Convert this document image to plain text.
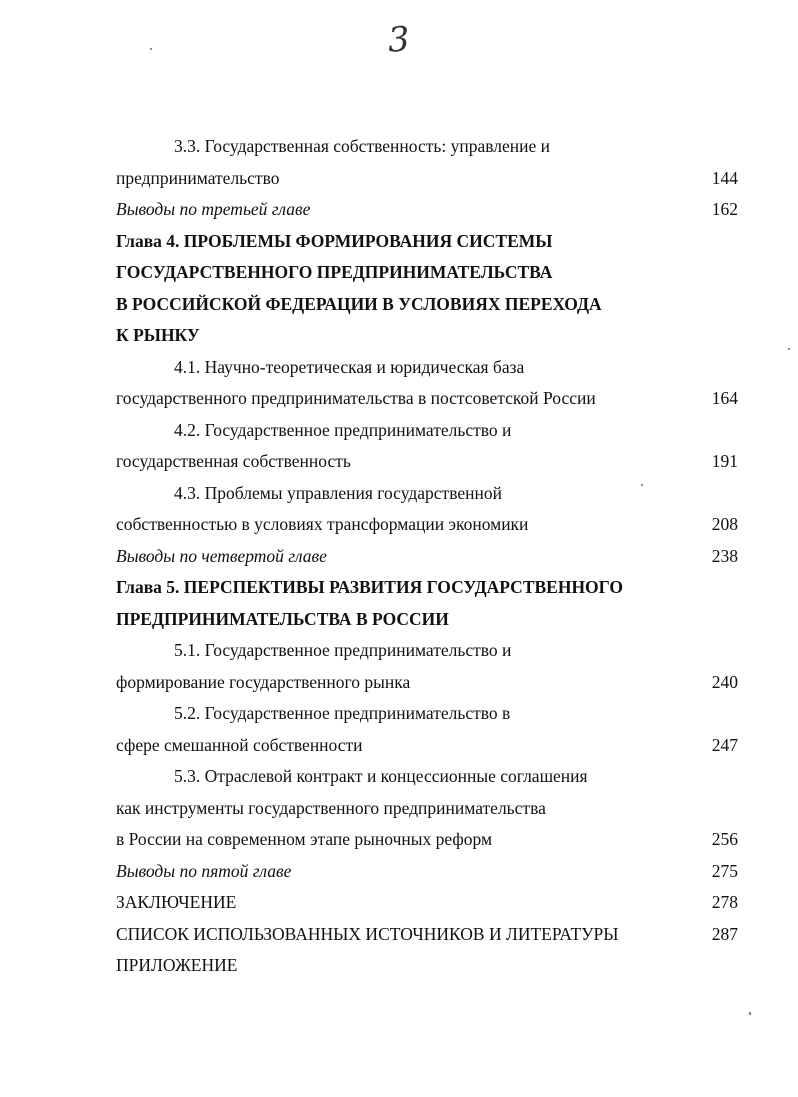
3
3.3. Государственная собственность: управление и
предпринимательство	144
Выводы по третьей главе	162
Глава 4. ПРОБЛЕМЫ ФОРМИРОВАНИЯ СИСТЕМЫ
ГОСУДАРСТВЕННОГО ПРЕДПРИНИМАТЕЛЬСТВА
В РОССИЙСКОЙ ФЕДЕРАЦИИ В УСЛОВИЯХ ПЕРЕХОДА
К РЫНКУ
4.1. Научно-теоретическая и юридическая база
государственного предпринимательства в постсоветской России	164
4.2. Государственное предпринимательство и
государственная собственность	191
4.3. Проблемы управления государственной
собственностью в условиях трансформации экономики	208
Выводы по четвертой главе	238
Глава 5. ПЕРСПЕКТИВЫ РАЗВИТИЯ ГОСУДАРСТВЕННОГО
ПРЕДПРИНИМАТЕЛЬСТВА В РОССИИ
5.1. Государственное предпринимательство и
формирование государственного рынка	240
5.2. Государственное предпринимательство в
сфере смешанной собственности	247
5.3. Отраслевой контракт и концессионные соглашения
как инструменты государственного предпринимательства
в России на современном этапе рыночных реформ	256
Выводы по пятой главе	275
ЗАКЛЮЧЕНИЕ	278
СПИСОК ИСПОЛЬЗОВАННЫХ ИСТОЧНИКОВ И ЛИТЕРАТУРЫ	287
ПРИЛОЖЕНИЕ
